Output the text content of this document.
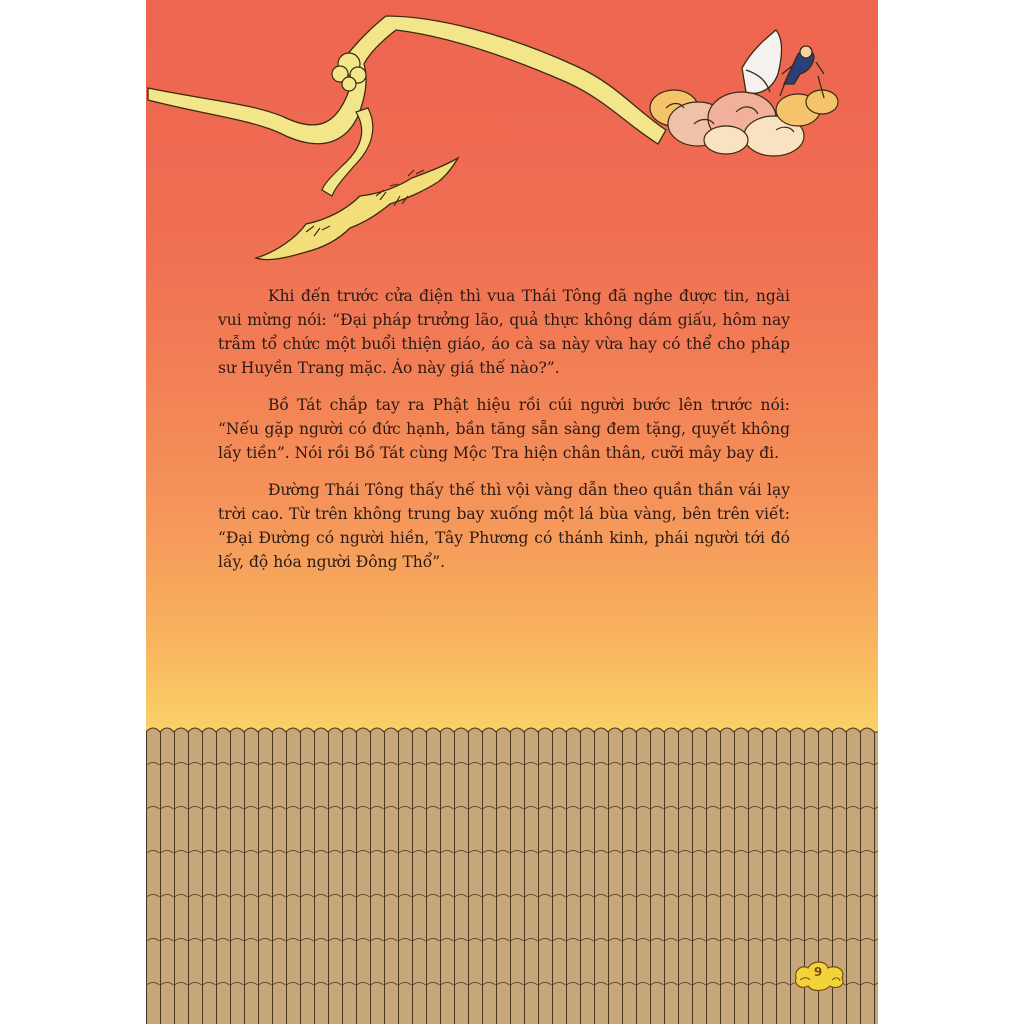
Khi đến trước cửa điện thì vua Thái Tông đã nghe được tin, ngài vui mừng nói: “Đại pháp trưởng lão, quả thực không dám giấu, hôm nay trẫm tổ chức một buổi thiện giáo, áo cà sa này vừa hay có thể cho pháp sư Huyền Trang mặc. Áo này giá thế nào?”.

Bồ Tát chắp tay ra Phật hiệu rồi cúi người bước lên trước nói: “Nếu gặp người có đức hạnh, bần tăng sẵn sàng đem tặng, quyết không lấy tiền”. Nói rồi Bồ Tát cùng Mộc Tra hiện chân thân, cưỡi mây bay đi.

Đường Thái Tông thấy thế thì vội vàng dẫn theo quần thần vái lạy trời cao. Từ trên không trung bay xuống một lá bùa vàng, bên trên viết: “Đại Đường có người hiền, Tây Phương có thánh kinh, phái người tới đó lấy, độ hóa người Đông Thổ”.

9
